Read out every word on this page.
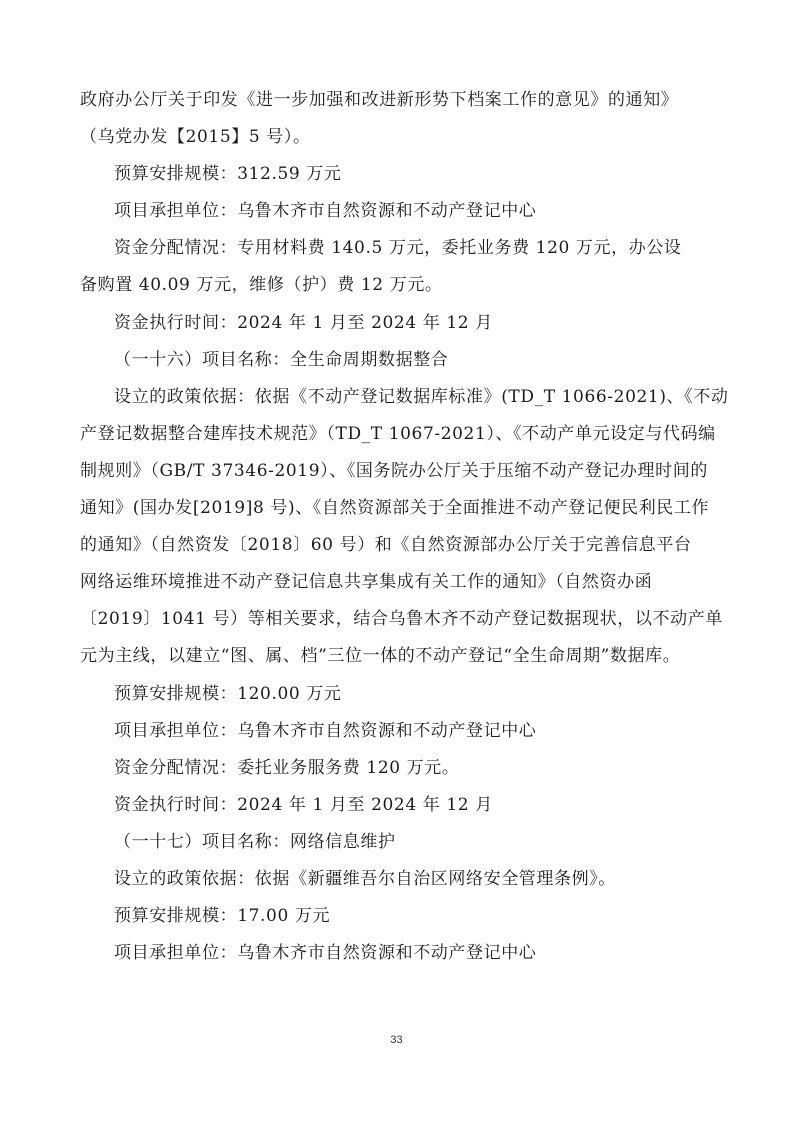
政府办公厅关于印发《进一步加强和改进新形势下档案工作的意见》的通知》
（乌党办发【2015】5 号）。
预算安排规模：312.59 万元
项目承担单位：乌鲁木齐市自然资源和不动产登记中心
资金分配情况：专用材料费 140.5 万元，委托业务费 120 万元，办公设
备购置 40.09 万元，维修（护）费 12 万元。
资金执行时间：2024 年 1 月至 2024 年 12 月
（一十六）项目名称：全生命周期数据整合
设立的政策依据：依据《不动产登记数据库标准》(TD_T 1066-2021)、《不动
产登记数据整合建库技术规范》（TD_T 1067-2021）、《不动产单元设定与代码编
制规则》（GB/T 37346-2019）、《国务院办公厅关于压缩不动产登记办理时间的
通知》(国办发[2019]8 号)、《自然资源部关于全面推进不动产登记便民利民工作
的通知》（自然资发〔2018〕60 号）和《自然资源部办公厅关于完善信息平台
网络运维环境推进不动产登记信息共享集成有关工作的通知》（自然资办函
〔2019〕1041 号）等相关要求，结合乌鲁木齐不动产登记数据现状，以不动产单
元为主线，以建立“图、属、档”三位一体的不动产登记“全生命周期”数据库。
预算安排规模：120.00 万元
项目承担单位：乌鲁木齐市自然资源和不动产登记中心
资金分配情况：委托业务服务费 120 万元。
资金执行时间：2024 年 1 月至 2024 年 12 月
（一十七）项目名称：网络信息维护
设立的政策依据：依据《新疆维吾尔自治区网络安全管理条例》。
预算安排规模：17.00 万元
项目承担单位：乌鲁木齐市自然资源和不动产登记中心
33
